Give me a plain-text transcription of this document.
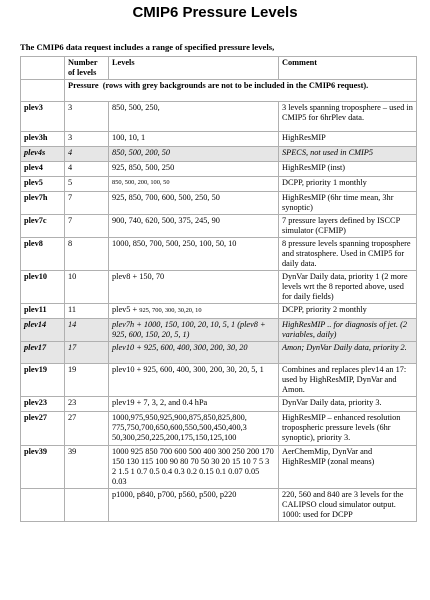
CMIP6 Pressure Levels
The CMIP6 data request includes a range of specified pressure levels,
	Number of levels	Levels	Comment
	Pressure (rows with grey backgrounds are not to be included in the CMIP6 request).		
plev3	3	850, 500, 250,	3 levels spanning troposphere – used in CMIP5 for 6hrPlev data.
plev3h	3	100, 10, 1	HighResMIP
plev4s	4	850, 500, 200, 50	SPECS, not used in CMIP5
plev4	4	925, 850, 500, 250	HighResMIP (inst)
plev5	5	850, 500, 200, 100, 50	DCPP, priority 1 monthly
plev7h	7	925, 850, 700, 600, 500, 250, 50	HighResMIP (6hr time mean, 3hr synoptic)
plev7c	7	900, 740, 620, 500, 375, 245, 90	7 pressure layers defined by ISCCP simulator (CFMIP)
plev8	8	1000, 850, 700, 500, 250, 100, 50, 10	8 pressure levels spanning troposphere and stratosphere. Used in CMIP5 for daily data.
plev10	10	plev8 + 150, 70	DynVar Daily data, priority 1 (2 more levels wrt the 8 reported above, used for daily fields)
plev11	11	plev5 + 925, 700, 300, 30,20, 10	DCPP, priority 2 monthly
plev14	14	plev7h + 1000, 150, 100, 20, 10, 5, 1 (plev8 + 925, 600, 150, 20, 5, 1)	HighResMIP .. for diagnosis of jet. (2 variables, daily)
plev17	17	plev10 + 925, 600, 400, 300, 200, 30, 20	Amon; DynVar Daily data, priority 2.
plev19	19	plev10 + 925, 600, 400, 300, 200, 30, 20, 5, 1	Combines and replaces plev14 an 17: used by HighResMIP, DynVar and Amon.
plev23	23	plev19 + 7, 3, 2, and 0.4 hPa	DynVar Daily data, priority 3.
plev27	27	1000,975,950,925,900,875,850,825,800, 775,750,700,650,600,550,500,450,400,3 50,300,250,225,200,175,150,125,100	HighResMIP – enhanced resolution tropospheric pressure levels (6hr synoptic), priority 3.
plev39	39	1000 925 850 700 600 500 400 300 250 200 170 150 130 115 100 90 80 70 50 30 20 15 10 7 5 3 2 1.5 1 0.7 0.5 0.4 0.3 0.2 0.15 0.1 0.07 0.05 0.03	AerChemMip, DynVar and HighResMIP (zonal means)
		p1000, p840, p700, p560, p500, p220	220, 560 and 840 are 3 levels for the CALIPSO cloud simulator output. 1000: used for DCPP
